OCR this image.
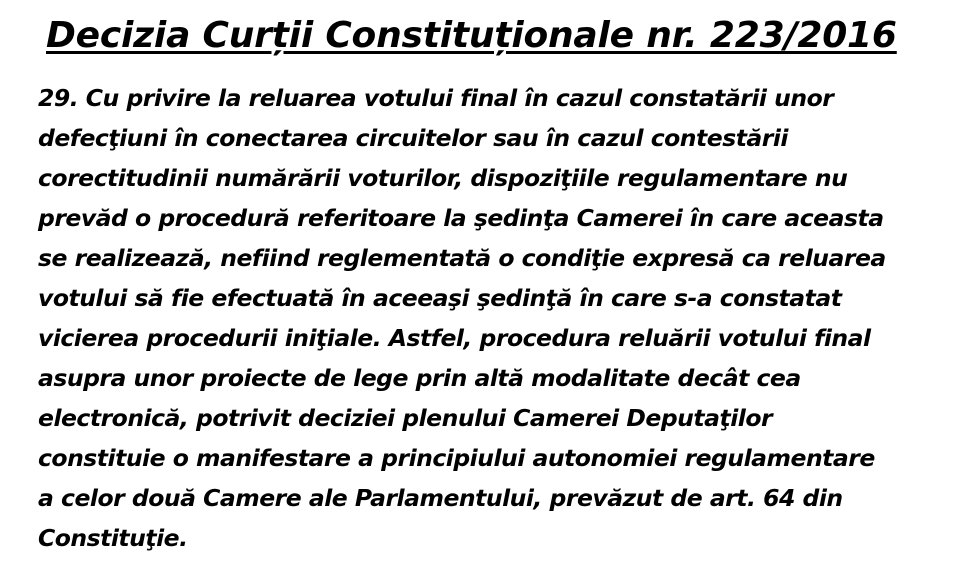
Decizia Curții Constituționale nr. 223/2016
29. Cu privire la reluarea votului final în cazul constatării unor
defecţiuni în conectarea circuitelor sau în cazul contestării
corectitudinii numărării voturilor, dispoziţiile regulamentare nu
prevăd o procedură referitoare la şedinţa Camerei în care aceasta
se realizează, nefiind reglementată o condiţie expresă ca reluarea
votului să fie efectuată în aceeaşi şedinţă în care s-a constatat
vicierea procedurii iniţiale. Astfel, procedura reluării votului final
asupra unor proiecte de lege prin altă modalitate decât cea
electronică, potrivit deciziei plenului Camerei Deputaţilor
constituie o manifestare a principiului autonomiei regulamentare
a celor două Camere ale Parlamentului, prevăzut de art. 64 din
Constituţie.
